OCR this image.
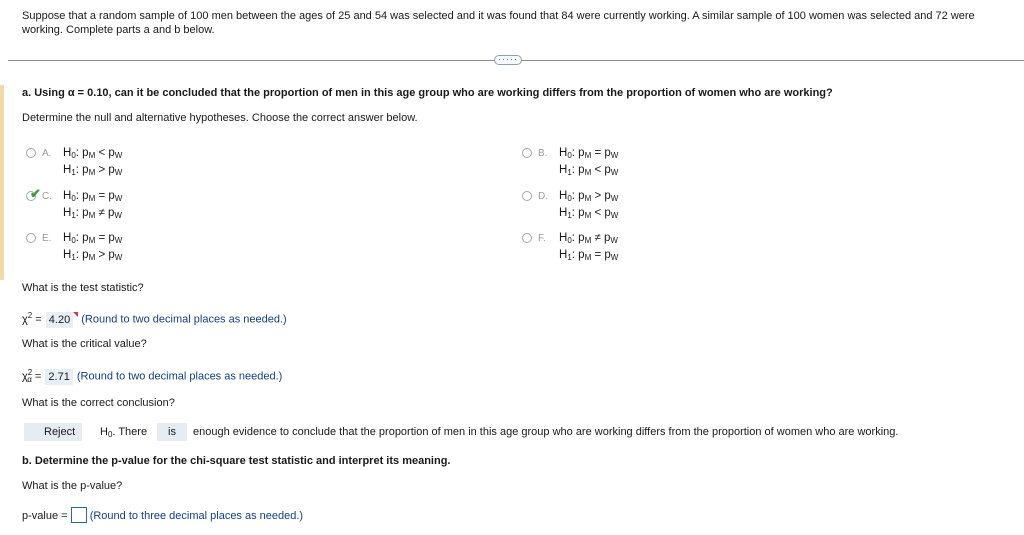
Suppose that a random sample of 100 men between the ages of 25 and 54 was selected and it was found that 84 were currently working. A similar sample of 100 women was selected and 72 were working. Complete parts a and b below.
·····
a. Using α = 0.10, can it be concluded that the proportion of men in this age group who are working differs from the proportion of women who are working?
Determine the null and alternative hypotheses. Choose the correct answer below.
A. $H_0$: $p_M < p_W$
$H_1$: $p_M > p_W$
B. $H_0$: $p_M = p_W$
$H_1$: $p_M < p_W$
✔ C. $H_0$: $p_M = p_W$
$H_1$: $p_M \ne p_W$
D. $H_0$: $p_M > p_W$
$H_1$: $p_M < p_W$
E. $H_0$: $p_M = p_W$
$H_1$: $p_M > p_W$
F. $H_0$: $p_M \ne p_W$
$H_1$: $p_M = p_W$
What is the test statistic?
$\chi^2 = 4.20$ (Round to two decimal places as needed.)
What is the critical value?
$\chi^2_\alpha = 2.71$ (Round to two decimal places as needed.)
What is the correct conclusion?
Reject	$H_0$. There	is	enough evidence to conclude that the proportion of men in this age group who are working differs from the proportion of women who are working.
b. Determine the p-value for the chi-square test statistic and interpret its meaning.
What is the p-value?
p-value = (Round to three decimal places as needed.)
